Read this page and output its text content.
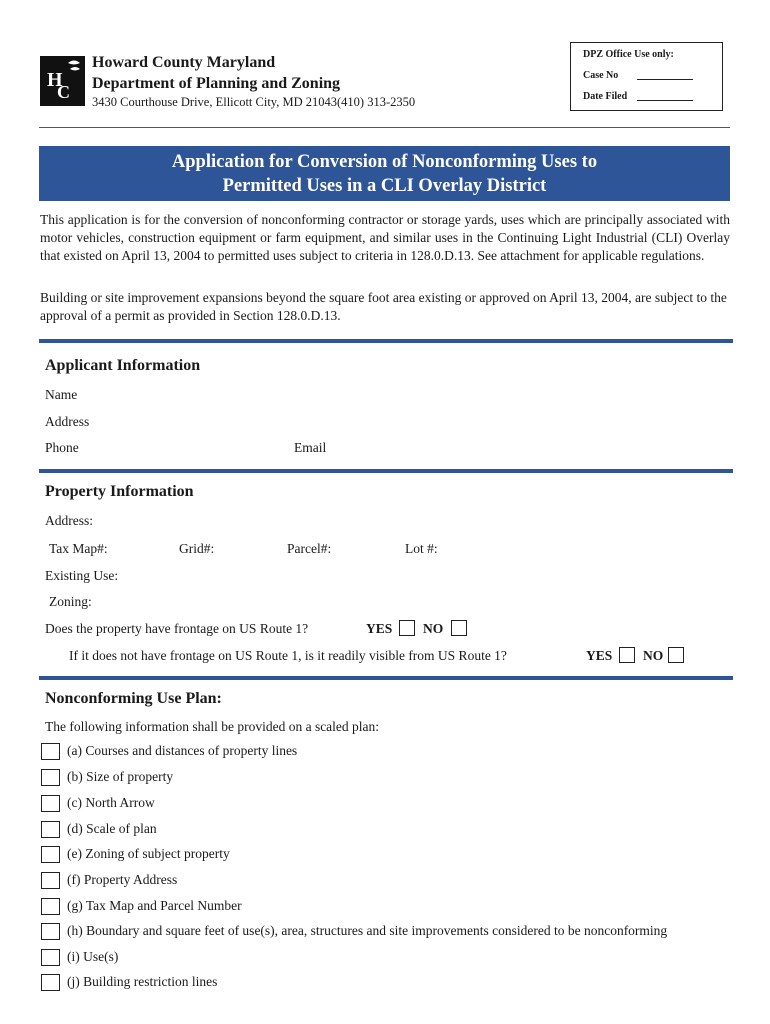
H
C
Howard County Maryland
Department of Planning and Zoning
3430 Courthouse Drive, Ellicott City, MD 21043(410) 313-2350
DPZ Office Use only:
Case No
Date Filed
Application for Conversion of Nonconforming Uses to
Permitted Uses in a CLI Overlay District
This application is for the conversion of nonconforming contractor or storage yards, uses which are principally associated with motor vehicles, construction equipment or farm equipment, and similar uses in the Continuing Light Industrial (CLI) Overlay that existed on April 13, 2004 to permitted uses subject to criteria in 128.0.D.13. See attachment for applicable regulations.
Building or site improvement expansions beyond the square foot area existing or approved on April 13, 2004, are subject to the approval of a permit as provided in Section 128.0.D.13.
Applicant Information
Name
Address
Phone	Email
Property Information
Address:
Tax Map#:	Grid#:	Parcel#:	Lot #:
Existing Use:
Zoning:
Does the property have frontage on US Route 1?	YES NO
If it does not have frontage on US Route 1, is it readily visible from US Route 1?	YES NO
Nonconforming Use Plan:
The following information shall be provided on a scaled plan:
(a) Courses and distances of property lines
(b) Size of property
(c) North Arrow
(d) Scale of plan
(e) Zoning of subject property
(f) Property Address
(g) Tax Map and Parcel Number
(h) Boundary and square feet of use(s), area, structures and site improvements considered to be nonconforming
(i) Use(s)
(j) Building restriction lines
